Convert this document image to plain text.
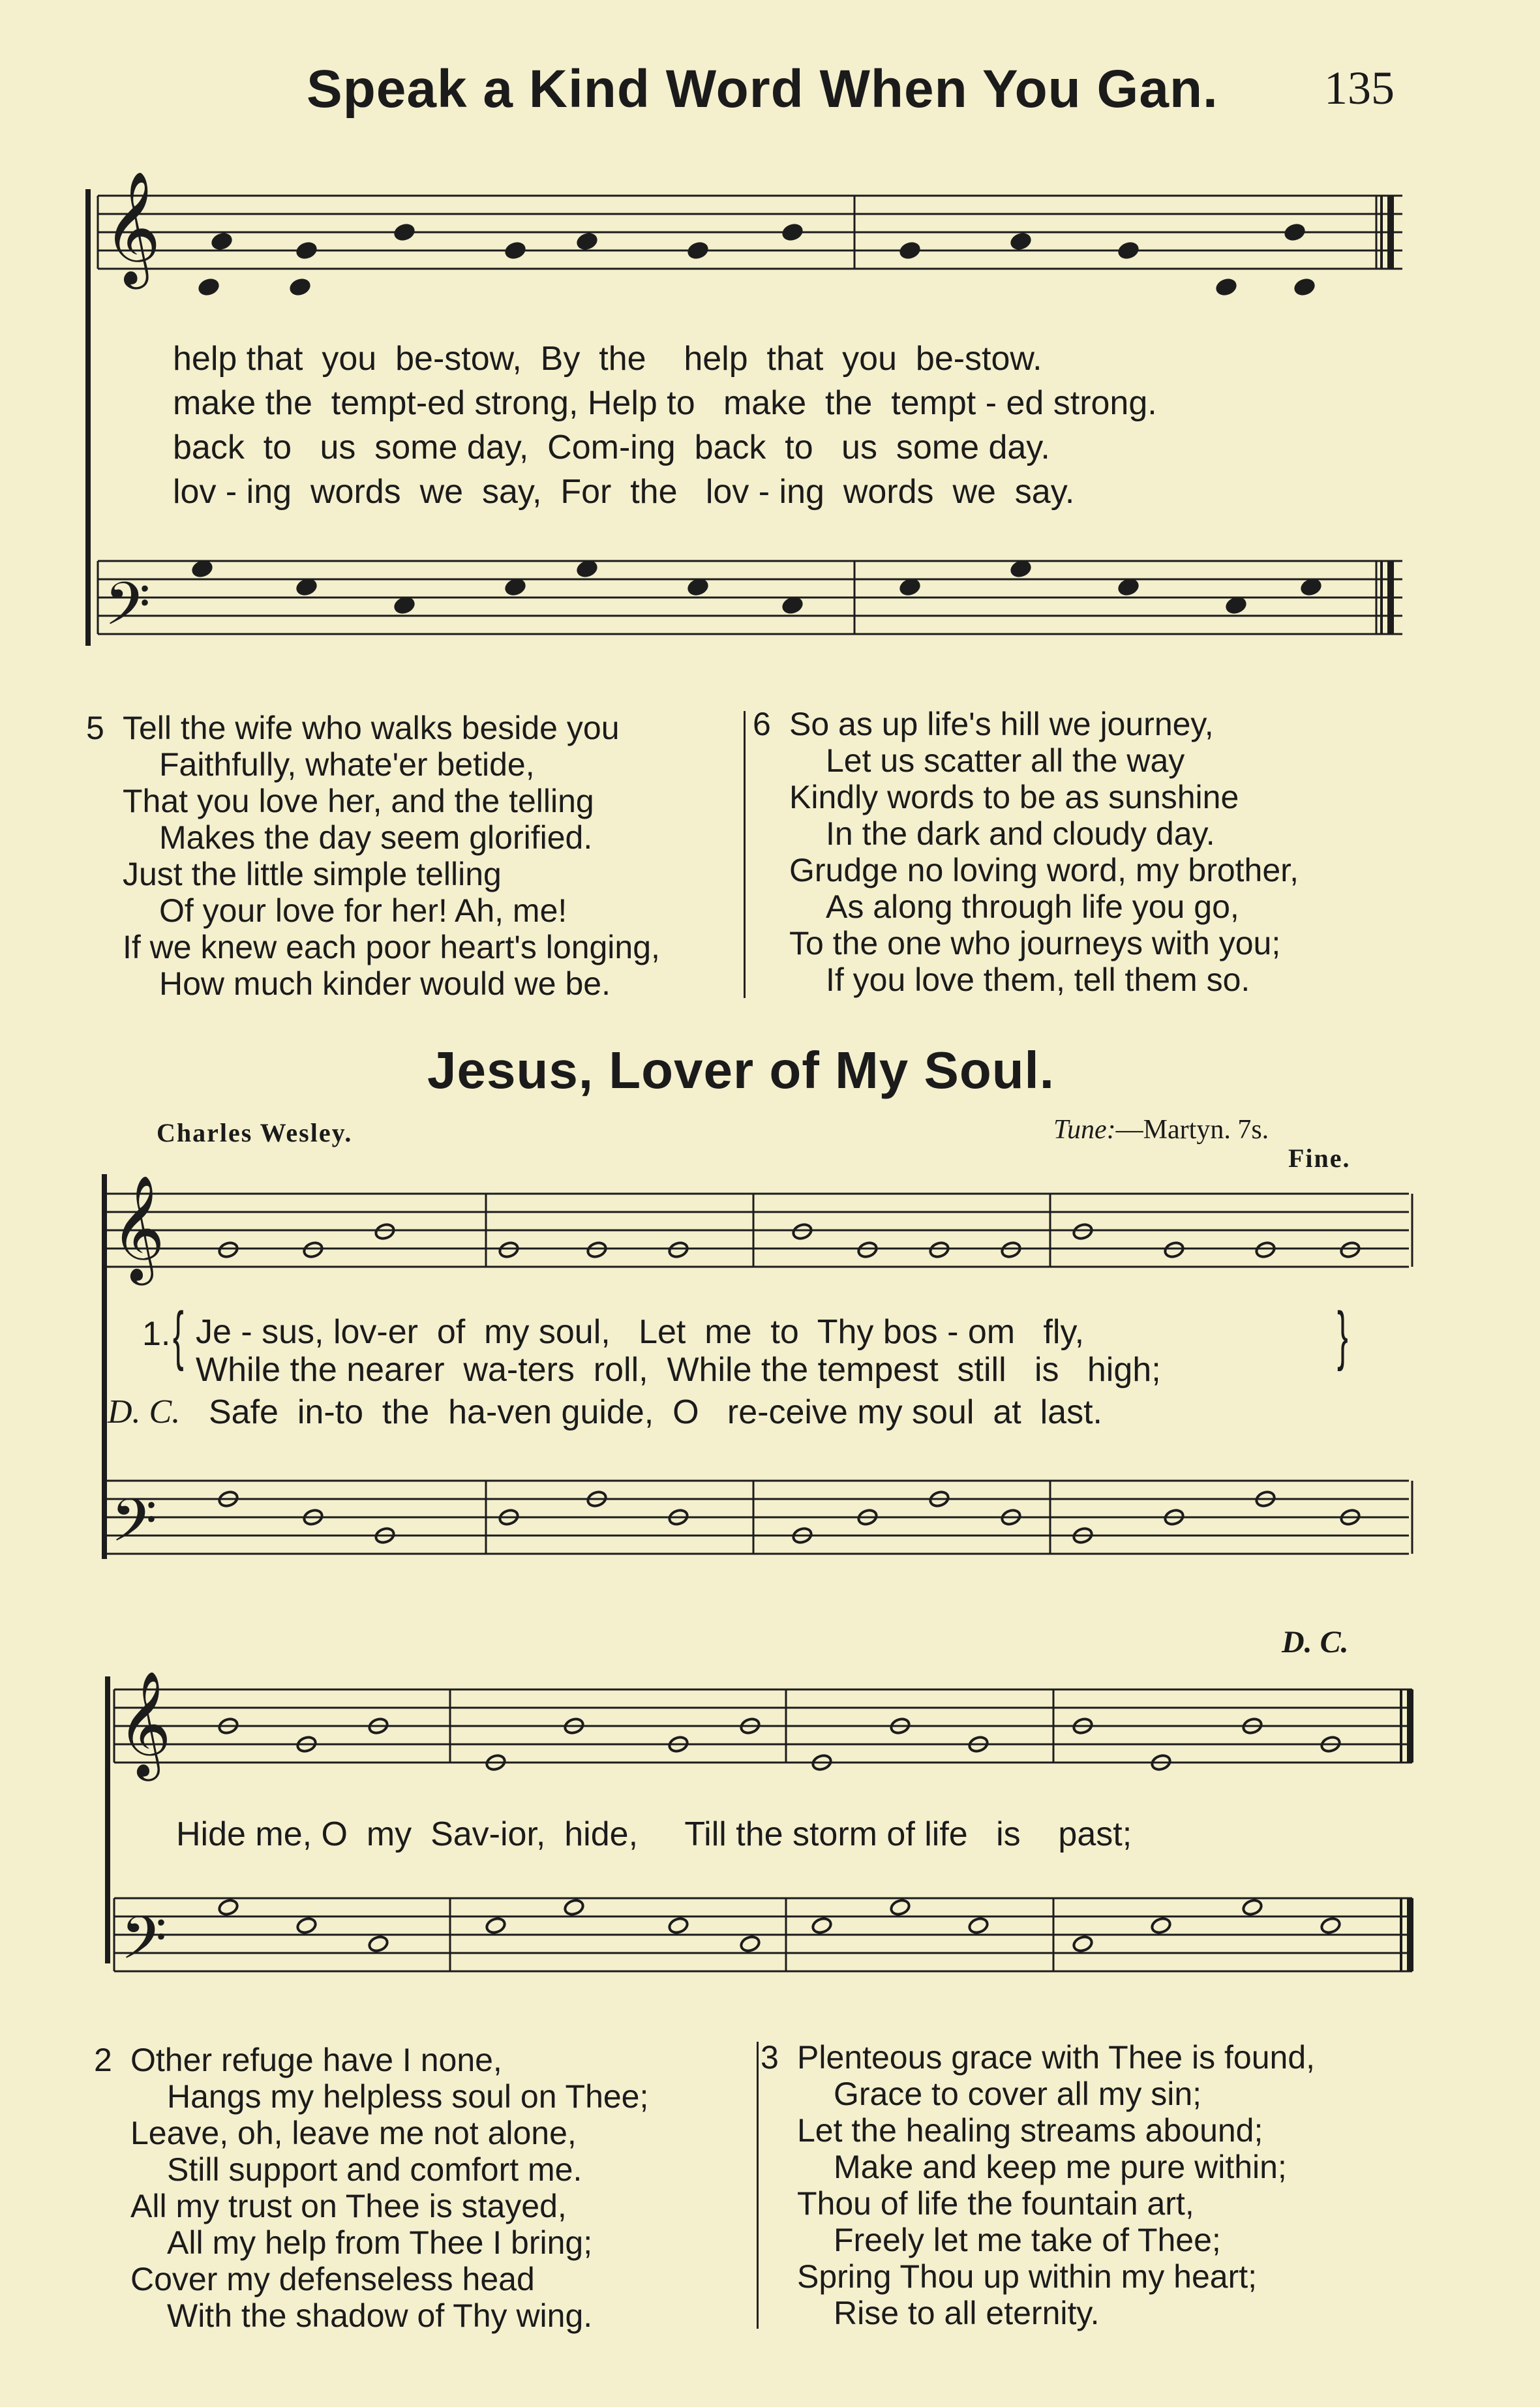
Speak a Kind Word When You Gan. 135
𝄞
𝄢
𝄞
𝄢
𝄞
𝄢
help that  you  be-stow,  By  the    help  that  you  be-stow.
make the  tempt-ed strong, Help to   make  the  tempt - ed strong.
back  to   us  some day,  Com-ing  back  to   us  some day.
lov - ing  words  we  say,  For  the   lov - ing  words  we  say.
5 Tell the wife who walks beside you
Faithfully, whate'er betide,
That you love her, and the telling
Makes the day seem glorified.
Just the little simple telling
Of your love for her! Ah, me!
If we knew each poor heart's longing,
How much kinder would we be.
6 So as up life's hill we journey,
Let us scatter all the way
Kindly words to be as sunshine
In the dark and cloudy day.
Grudge no loving word, my brother,
As along through life you go,
To the one who journeys with you;
If you love them, tell them so.
Jesus, Lover of My Soul.
Charles Wesley.	Tune:—Martyn. 7s.
Fine.
1. { Je - sus, lov-er  of  my soul,   Let  me  to  Thy bos - om   fly,
While the nearer  wa-ters  roll,  While the tempest  still   is   high;	}
D. C. Safe  in-to  the  ha-ven guide,  O   re-ceive my soul  at  last.
D. C.
Hide me, O  my  Sav-ior,  hide,     Till the storm of life   is    past;
2 Other refuge have I none,
Hangs my helpless soul on Thee;
Leave, oh, leave me not alone,
Still support and comfort me.
All my trust on Thee is stayed,
All my help from Thee I bring;
Cover my defenseless head
With the shadow of Thy wing.
3 Plenteous grace with Thee is found,
Grace to cover all my sin;
Let the healing streams abound;
Make and keep me pure within;
Thou of life the fountain art,
Freely let me take of Thee;
Spring Thou up within my heart;
Rise to all eternity.
